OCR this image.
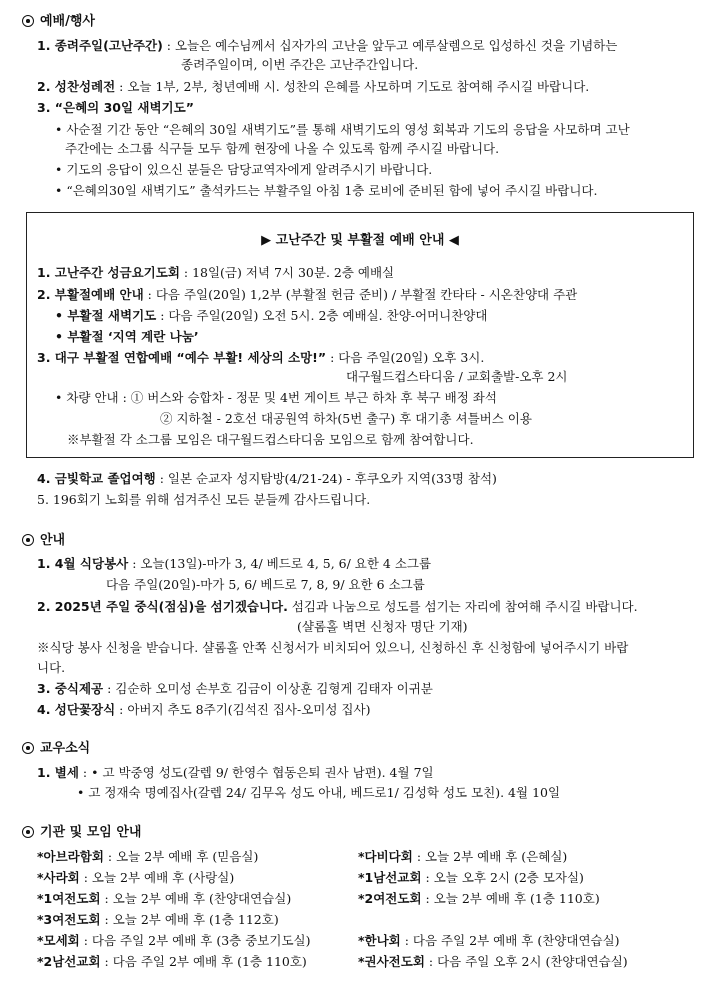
예배/행사
1. 종려주일(고난주간) : 오늘은 예수님께서 십자가의 고난을 앞두고 예루살렘으로 입성하신 것을 기념하는
종려주일이며, 이번 주간은 고난주간입니다.
2. 성찬성례전 : 오늘 1부, 2부, 청년예배 시. 성찬의 은혜를 사모하며 기도로 참여해 주시길 바랍니다.
3. “은혜의 30일 새벽기도”
• 사순절 기간 동안 “은혜의 30일 새벽기도”를 통해 새벽기도의 영성 회복과 기도의 응답을 사모하며 고난
주간에는 소그룹 식구들 모두 함께 현장에 나올 수 있도록 함께 주시길 바랍니다.
• 기도의 응답이 있으신 분들은 담당교역자에게 알려주시기 바랍니다.
• “은혜의30일 새벽기도” 출석카드는 부활주일 아침 1층 로비에 준비된 함에 넣어 주시길 바랍니다.
▶ 고난주간 및 부활절 예배 안내 ◀
1. 고난주간 성금요기도회 : 18일(금) 저녁 7시 30분. 2층 예배실
2. 부활절예배 안내 : 다음 주일(20일) 1,2부 (부활절 헌금 준비) / 부활절 칸타타 - 시온찬양대 주관
• 부활절 새벽기도 : 다음 주일(20일) 오전 5시. 2층 예배실. 찬양-어머니찬양대
• 부활절 ‘지역 계란 나눔’
3. 대구 부활절 연합예배 “예수 부활! 세상의 소망!” : 다음 주일(20일) 오후 3시.
대구월드컵스타디움 / 교회출발-오후 2시
• 차량 안내 : ① 버스와 승합차 - 정문 및 4번 게이트 부근 하차 후 북구 배정 좌석
② 지하철 - 2호선 대공원역 하차(5번 출구) 후 대기총 셔틀버스 이용
※부활절 각 소그룹 모임은 대구월드컵스타디움 모임으로 함께 참여합니다.
4. 금빛학교 졸업여행 : 일본 순교자 성지탐방(4/21-24) - 후쿠오카 지역(33명 참석)
5. 196회기 노회를 위해 섬겨주신 모든 분들께 감사드립니다.
안내
1. 4월 식당봉사 : 오늘(13일)-마가 3, 4/ 베드로 4, 5, 6/ 요한 4 소그룹
다음 주일(20일)-마가 5, 6/ 베드로 7, 8, 9/ 요한 6 소그룹
2. 2025년 주일 중식(점심)을 섬기겠습니다. 섬김과 나눔으로 성도를 섬기는 자리에 참여해 주시길 바랍니다.
(샬롬홀 벽면 신청자 명단 기재)
※식당 봉사 신청을 받습니다. 샬롬홀 안쪽 신청서가 비치되어 있으니, 신청하신 후 신청함에 넣어주시기 바랍
니다.
3. 중식제공 : 김순하 오미성 손부호 김금이 이상훈 김형게 김태자 이귀분
4. 성단꽃장식 : 아버지 추도 8주기(김석진 집사-오미성 집사)
교우소식
1. 별세 : • 고 박중영 성도(갈렙 9/ 한영수 협동은퇴 권사 남편). 4월 7일
• 고 정재숙 명예집사(갈렙 24/ 김무옥 성도 아내, 베드로1/ 김성학 성도 모친). 4월 10일
기관 및 모임 안내
*아브라함회 : 오늘 2부 예배 후 (믿음실)
*사라회 : 오늘 2부 예배 후 (사랑실)
*1여전도회 : 오늘 2부 예배 후 (찬양대연습실)
*3여전도회 : 오늘 2부 예배 후 (1층 112호)
*모세회 : 다음 주일 2부 예배 후 (3층 중보기도실)
*2남선교회 : 다음 주일 2부 예배 후 (1층 110호)
*다비다회 : 오늘 2부 예배 후 (은혜실)
*1남선교회 : 오늘 오후 2시 (2층 모자실)
*2여전도회 : 오늘 2부 예배 후 (1층 110호)
*한나회 : 다음 주일 2부 예배 후 (찬양대연습실)
*권사전도회 : 다음 주일 오후 2시 (찬양대연습실)
